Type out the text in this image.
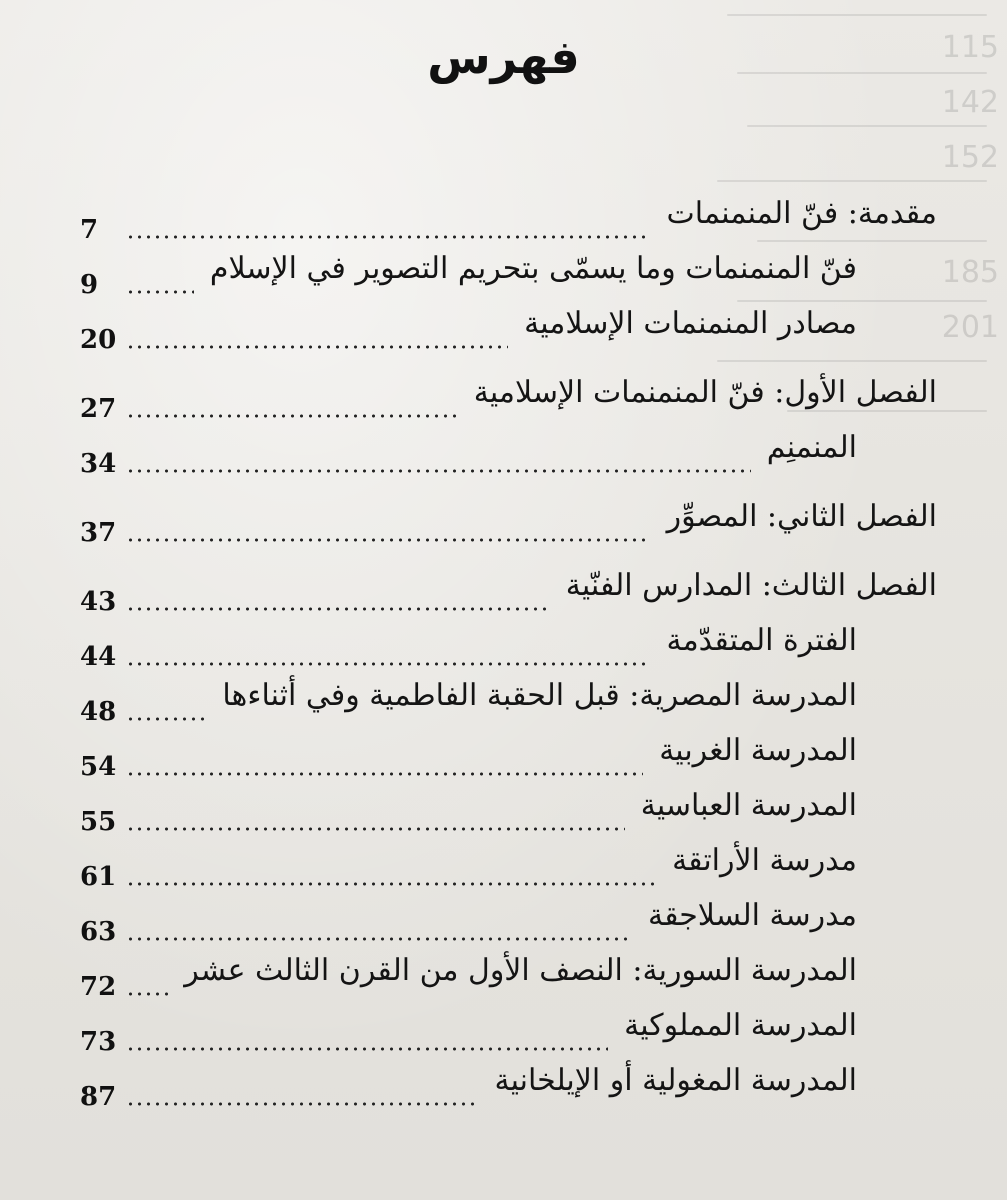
115
142
152
185
201
فهرس
مقدمة: فنّ المنمنمات
7
فنّ المنمنمات وما يسمّى بتحريم التصوير في الإسلام
9
مصادر المنمنمات الإسلامية
20
الفصل الأول: فنّ المنمنمات الإسلامية
27
المنمنِم
34
الفصل الثاني: المصوِّر
37
الفصل الثالث: المدارس الفنّية
43
الفترة المتقدّمة
44
المدرسة المصرية: قبل الحقبة الفاطمية وفي أثناءها
48
المدرسة الغربية
54
المدرسة العباسية
55
مدرسة الأراتقة
61
مدرسة السلاجقة
63
المدرسة السورية: النصف الأول من القرن الثالث عشر
72
المدرسة المملوكية
73
المدرسة المغولية أو الإيلخانية
87
